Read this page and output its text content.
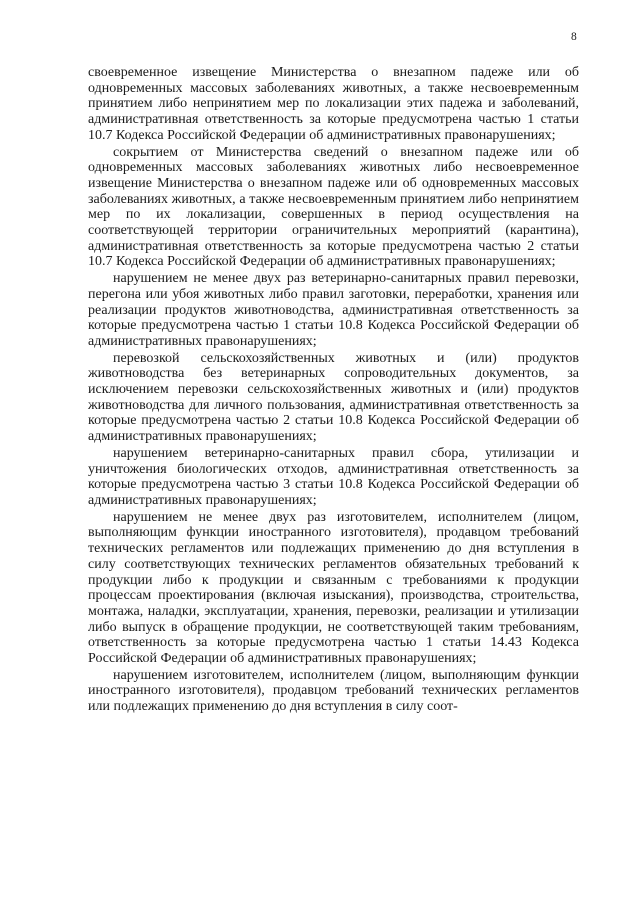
8

своевременное извещение Министерства о внезапном падеже или об одновременных массовых заболеваниях животных, а также несвоевременным принятием либо непринятием мер по локализации этих падежа и заболеваний, административная ответственность за которые предусмотрена частью 1 статьи 10.7 Кодекса Российской Федерации об административных правонарушениях;

сокрытием от Министерства сведений о внезапном падеже или об одновременных массовых заболеваниях животных либо несвоевременное извещение Министерства о внезапном падеже или об одновременных массовых заболеваниях животных, а также несвоевременным принятием либо непринятием мер по их локализации, совершенных в период осуществления на соответствующей территории ограничительных мероприятий (карантина), административная ответственность за которые предусмотрена частью 2 статьи 10.7 Кодекса Российской Федерации об административных правонарушениях;

нарушением не менее двух раз ветеринарно-санитарных правил перевозки, перегона или убоя животных либо правил заготовки, переработки, хранения или реализации продуктов животноводства, административная ответственность за которые предусмотрена частью 1 статьи 10.8 Кодекса Российской Федерации об административных правонарушениях;

перевозкой сельскохозяйственных животных и (или) продуктов животноводства без ветеринарных сопроводительных документов, за исключением перевозки сельскохозяйственных животных и (или) продуктов животноводства для личного пользования, административная ответственность за которые предусмотрена частью 2 статьи 10.8 Кодекса Российской Федерации об административных правонарушениях;

нарушением ветеринарно-санитарных правил сбора, утилизации и уничтожения биологических отходов, административная ответственность за которые предусмотрена частью 3 статьи 10.8 Кодекса Российской Федерации об административных правонарушениях;

нарушением не менее двух раз изготовителем, исполнителем (лицом, выполняющим функции иностранного изготовителя), продавцом требований технических регламентов или подлежащих применению до дня вступления в силу соответствующих технических регламентов обязательных требований к продукции либо к продукции и связанным с требованиями к продукции процессам проектирования (включая изыскания), производства, строительства, монтажа, наладки, эксплуатации, хранения, перевозки, реализации и утилизации либо выпуск в обращение продукции, не соответствующей таким требованиям, ответственность за которые предусмотрена частью 1 статьи 14.43 Кодекса Российской Федерации об административных правонарушениях;

нарушением изготовителем, исполнителем (лицом, выполняющим функции иностранного изготовителя), продавцом требований технических регламентов или подлежащих применению до дня вступления в силу соот-
